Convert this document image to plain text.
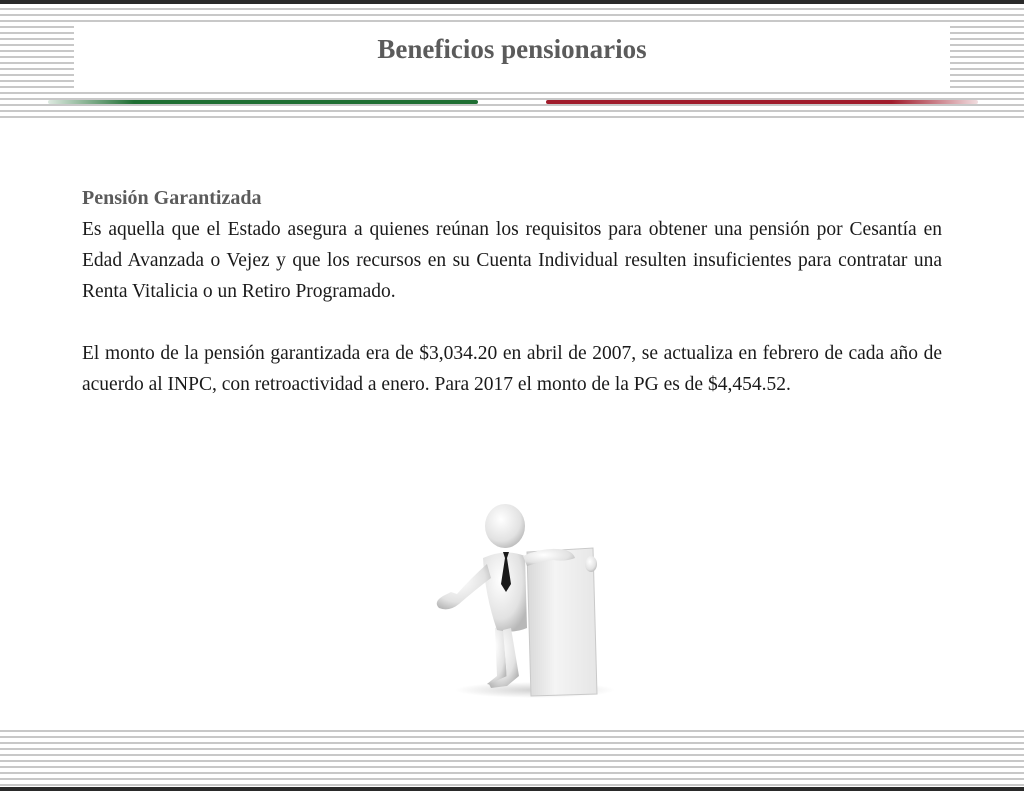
Beneficios pensionarios

Pensión Garantizada

Es aquella que el Estado asegura a quienes reúnan los requisitos para obtener una pensión por Cesantía en Edad Avanzada o Vejez y que los recursos en su Cuenta Individual resulten insuficientes para contratar una Renta Vitalicia o un Retiro Programado.

El monto de la pensión garantizada era de $3,034.20 en abril de 2007, se actualiza en febrero de cada año de acuerdo al INPC, con retroactividad a enero. Para 2017 el monto de la PG es de $4,454.52.
